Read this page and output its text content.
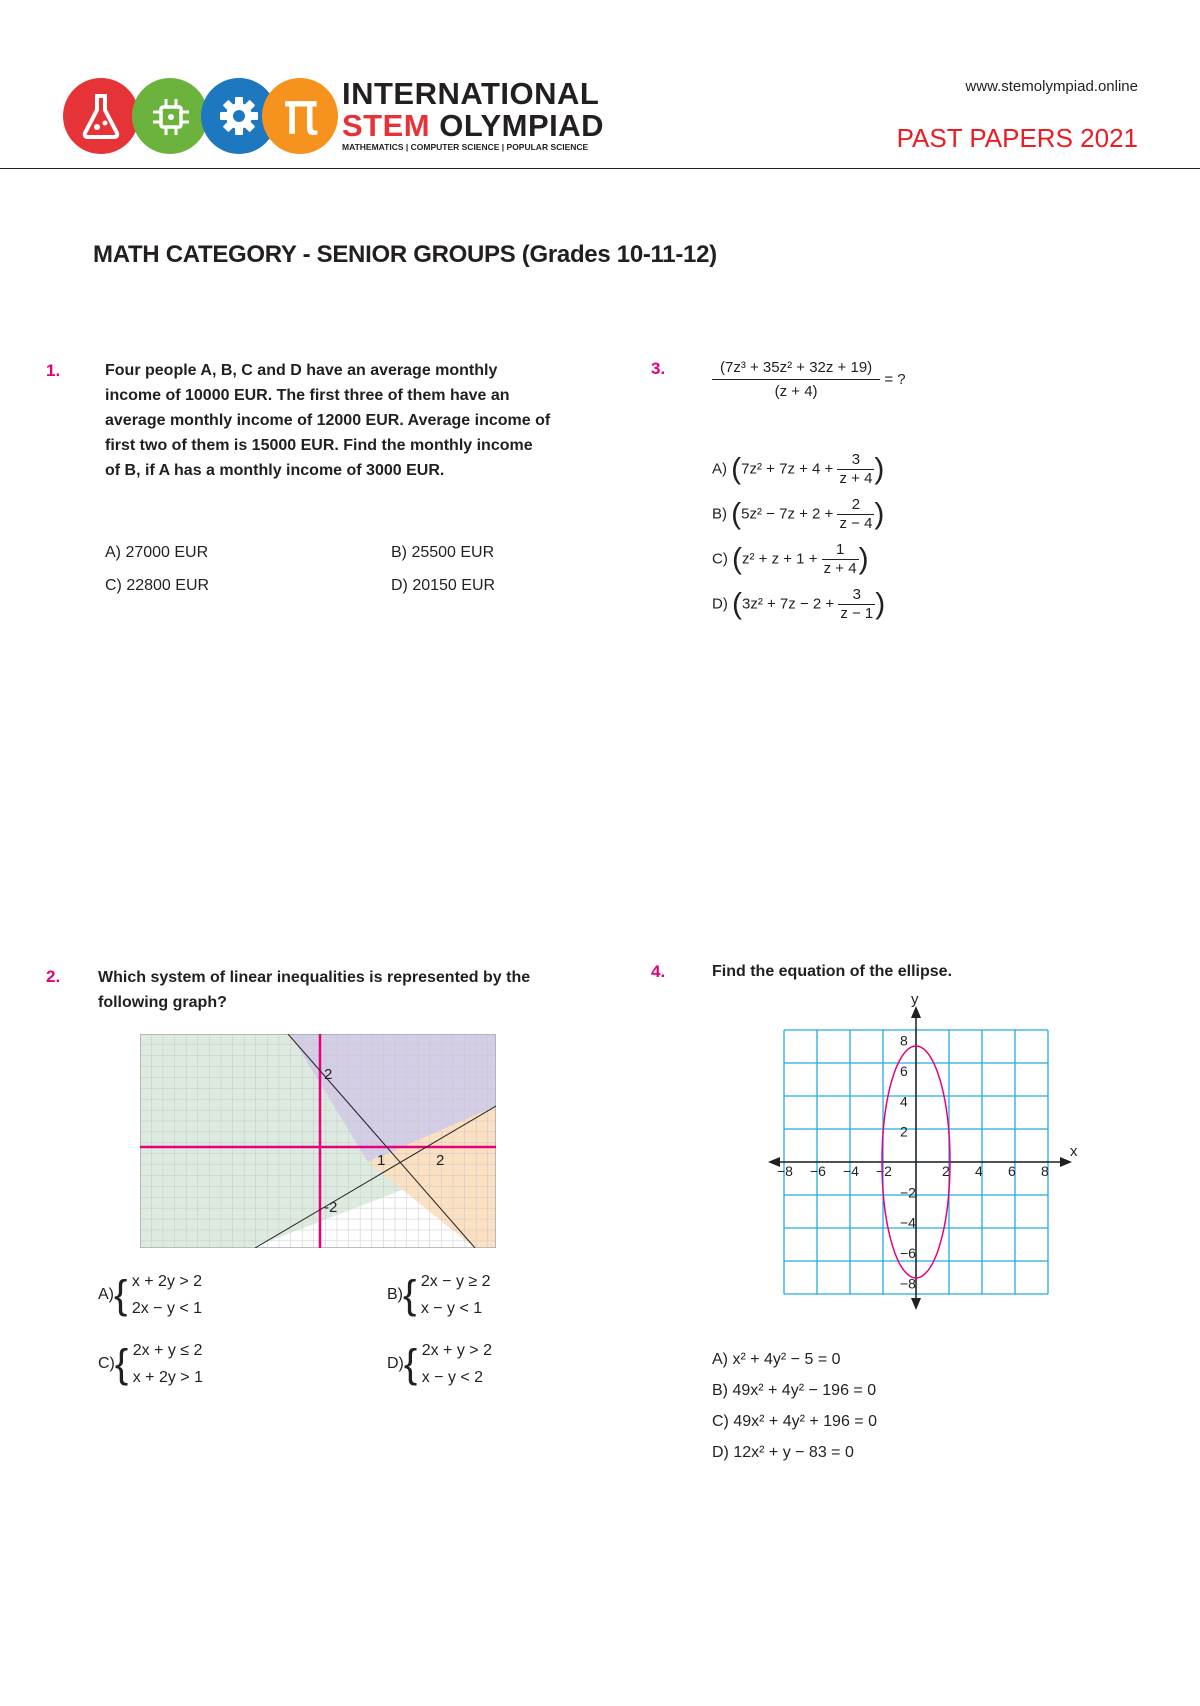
π INTERNATIONAL
STEM OLYMPIAD
MATHEMATICS | COMPUTER SCIENCE | POPULAR SCIENCE
www.stemolympiad.online
PAST PAPERS 2021
MATH CATEGORY - SENIOR GROUPS (Grades 10-11-12)
1.	Four people A, B, C and D have an average monthly income of 10000 EUR. The first three of them have an average monthly income of 12000 EUR. Average income of first two of them is 15000 EUR. Find the monthly income of B, if A has a monthly income of 3000 EUR.
A) 27000 EUR	B) 25500 EUR
C) 22800 EUR	D) 20150 EUR
3.	$\frac{\text{(7z³ + 35z² + 32z + 19)}}{(z + 4)}$ = ?
A) ($7z^2 + 7z + 4 + \frac{3}{z + 4}$ )
B) ($5z^2 - 7z + 2 + \frac{2}{z - 4}$ )
C) ($z^2 + z + 1 + \frac{1}{z + 4}$ )
D) ($3z^2 + 7z - 2 + \frac{3}{z - 1}$ )
2. Which system of linear inequalities is represented by the following graph?
2
1	2
-2
A){ x + 2y > 2
2x − y < 1
B){ 2x − y ≥ 2
x − y < 1
C){ 2x + y ≤ 2
x + 2y > 1
D){ 2x + y > 2
x − y < 2
4.	Find the equation of the ellipse.
x
y
−8 −6 −4 −2	2 4 6 8
8
6
4
2
−2
−4
−6
−8
A) x² + 4y² − 5 = 0
B) 49x² + 4y² − 196 = 0
C) 49x² + 4y² + 196 = 0
D) 12x² + y − 83 = 0
